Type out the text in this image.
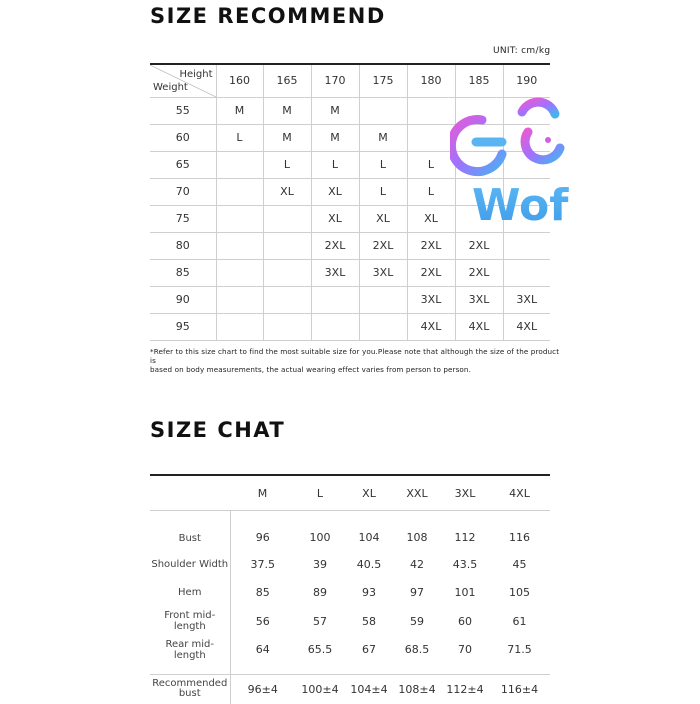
SIZE RECOMMEND
UNIT: cm/kg
Height
Weight	160	165	170	175	180	185	190
55	M	M	M				
60	L	M	M	M			
65		L	L	L	L		
70		XL	XL	L	L		
75			XL	XL	XL		
80			2XL	2XL	2XL	2XL	
85			3XL	3XL	2XL	2XL	
90					3XL	3XL	3XL
95					4XL	4XL	4XL
*Refer to this size chart to find the most suitable size for you.Please note that although the size of the product is
based on body measurements, the actual wearing effect varies from person to person.
Wof
SIZE CHAT
	M	L	XL	XXL	3XL	4XL
Bust	96	100	104	108	112	116
Shoulder Width	37.5	39	40.5	42	43.5	45
Hem	85	89	93	97	101	105
Front mid-length	56	57	58	59	60	61
Rear mid-length	64	65.5	67	68.5	70	71.5

Recommended
bust	96±4	100±4	104±4	108±4	112±4	116±4
